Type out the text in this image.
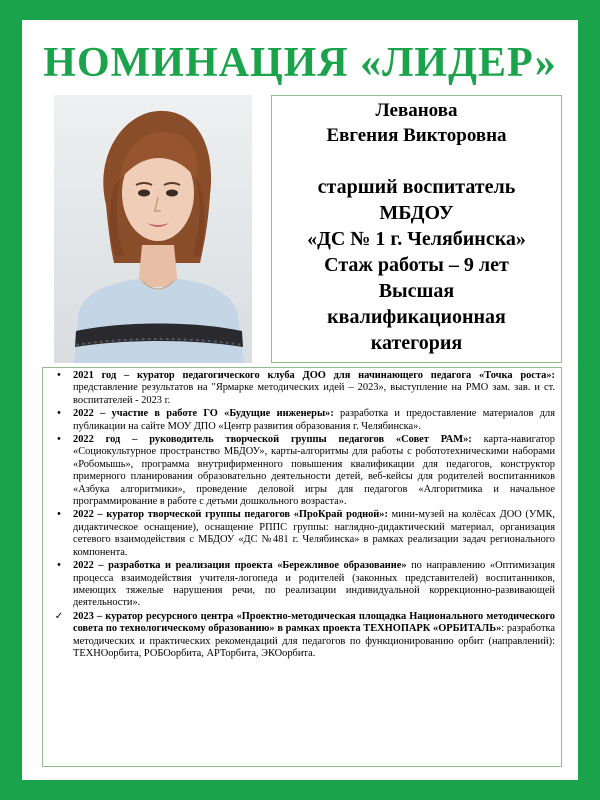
НОМИНАЦИЯ «ЛИДЕР»
Леванова
Евгения Викторовна
старший воспитатель
МБДОУ
«ДС № 1 г. Челябинска»
Стаж работы – 9 лет
Высшая
квалификационная
категория
•	2021 год – куратор педагогического клуба ДОО для начинающего педагога «Точка роста»: представление результатов на "Ярмарке методических идей – 2023», выступление на РМО зам. зав. и ст. воспитателей - 2023 г.
•	2022 – участие в работе ГО «Будущие инженеры»: разработка и предоставление материалов для публикации на сайте МОУ ДПО «Центр развития образования г. Челябинска».
•	2022 год – руководитель творческой группы педагогов «Совет РАМ»: карта-навигатор «Социокультурное пространство МБДОУ», карты-алгоритмы для работы с робототехническими наборами «Робомышь», программа внутрифирменного повышения квалификации для педагогов, конструктор примерного планирования образовательно деятельности детей, веб-кейсы для родителей воспитанников «Азбука алгоритмики», проведение деловой игры для педагогов «Алгоритмика и начальное программирование в работе с детьми дошкольного возраста».
•	2022 – куратор творческой группы педагогов «ПроКрай родной»: мини-музей на колёсах ДОО (УМК, дидактическое оснащение), оснащение РППС группы: наглядно-дидактический материал, организация сетевого взаимодействия с МБДОУ «ДС №481 г. Челябинска» в рамках реализации задач регионального компонента.
•	2022 – разработка и реализация проекта «Бережливое образование» по направлению «Оптимизация процесса взаимодействия учителя-логопеда и родителей (законных представителей) воспитанников, имеющих тяжелые нарушения речи, по реализации индивидуальной коррекционно-развивающей деятельности».
✓ 2023 – куратор ресурсного центра «Проектно-методическая площадка Национального методического совета по технологическому образованию» в рамках проекта ТЕХНОПАРК «ОРБИТАЛЬ»: разработка методических и практических рекомендаций для педагогов по функционированию орбит (направлений): ТЕХНОорбита, РОБОорбита, АРТорбита, ЭКОорбита.
